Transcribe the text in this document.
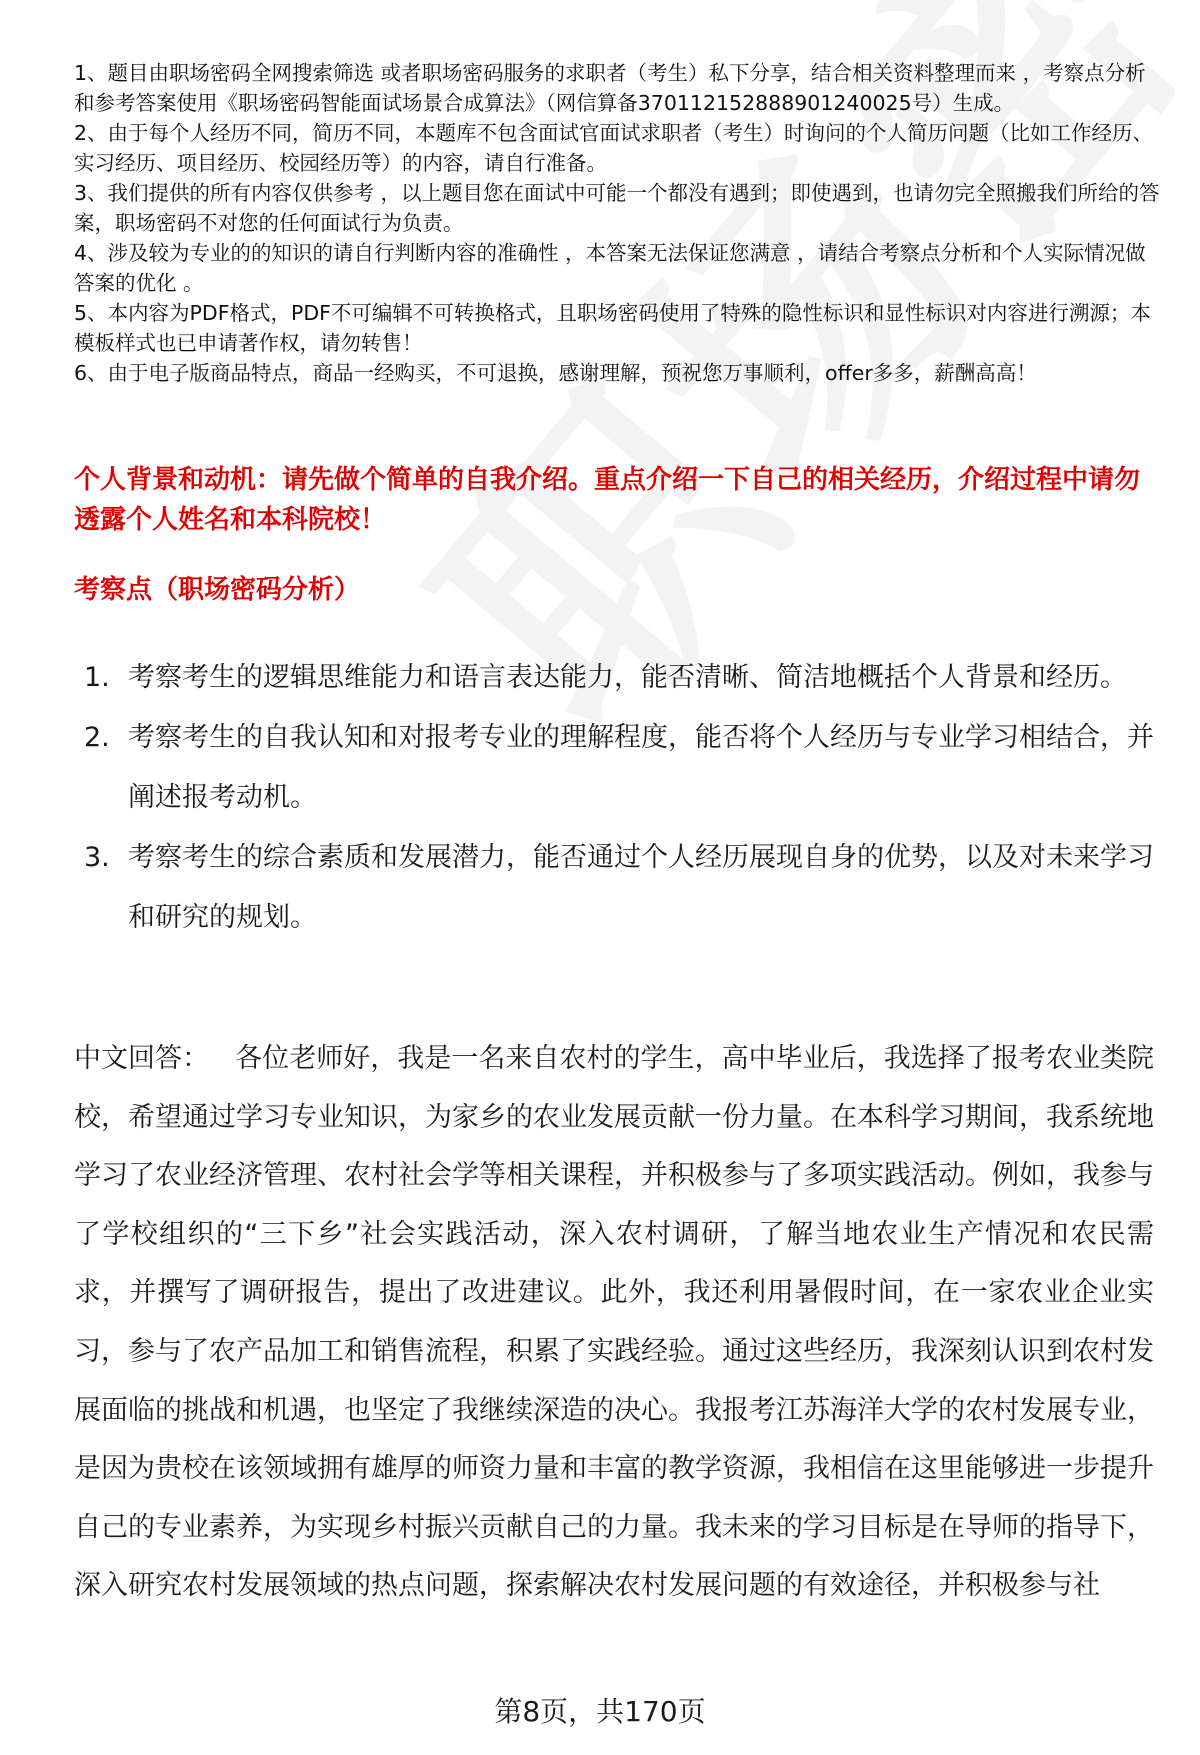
1、题目由职场密码全网搜索筛选 或者职场密码服务的求职者（考生）私下分享，结合相关资料整理而来 ，考察点分析和参考答案使用《职场密码智能面试场景合成算法》（网信算备370112152888901240025号）生成。

2、由于每个人经历不同，简历不同，本题库不包含面试官面试求职者（考生）时询问的个人简历问题（比如工作经历、实习经历、项目经历、校园经历等）的内容，请自行准备。

3、我们提供的所有内容仅供参考 ，以上题目您在面试中可能一个都没有遇到；即使遇到，也请勿完全照搬我们所给的答案，职场密码不对您的任何面试行为负责。

4、涉及较为专业的的知识的请自行判断内容的准确性 ，本答案无法保证您满意 ，请结合考察点分析和个人实际情况做答案的优化 。

5、本内容为PDF格式，PDF不可编辑不可转换格式，且职场密码使用了特殊的隐性标识和显性标识对内容进行溯源；本模板样式也已申请著作权，请勿转售！

6、由于电子版商品特点，商品一经购买，不可退换，感谢理解，预祝您万事顺利，offer多多，薪酬高高！

个人背景和动机：请先做个简单的自我介绍。重点介绍一下自己的相关经历，介绍过程中请勿透露个人姓名和本科院校！
考察点（职场密码分析）
1. 考察考生的逻辑思维能力和语言表达能力，能否清晰、简洁地概括个人背景和经历。
2. 考察考生的自我认知和对报考专业的理解程度，能否将个人经历与专业学习相结合，并阐述报考动机。
3. 考察考生的综合素质和发展潜力，能否通过个人经历展现自身的优势，以及对未来学习和研究的规划。

中文回答： 各位老师好，我是一名来自农村的学生，高中毕业后，我选择了报考农业类院校，希望通过学习专业知识，为家乡的农业发展贡献一份力量。在本科学习期间，我系统地学习了农业经济管理、农村社会学等相关课程，并积极参与了多项实践活动。例如，我参与了学校组织的“三下乡”社会实践活动，深入农村调研，了解当地农业生产情况和农民需求，并撰写了调研报告，提出了改进建议。此外，我还利用暑假时间，在一家农业企业实习，参与了农产品加工和销售流程，积累了实践经验。通过这些经历，我深刻认识到农村发展面临的挑战和机遇，也坚定了我继续深造的决心。我报考江苏海洋大学的农村发展专业，是因为贵校在该领域拥有雄厚的师资力量和丰富的教学资源，我相信在这里能够进一步提升自己的专业素养，为实现乡村振兴贡献自己的力量。我未来的学习目标是在导师的指导下，深入研究农村发展领域的热点问题，探索解决农村发展问题的有效途径，并积极参与社

第8页，共170页
